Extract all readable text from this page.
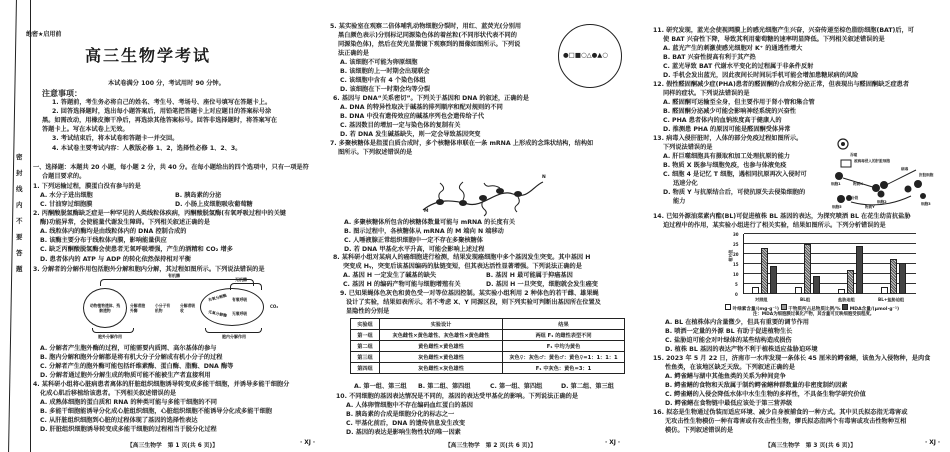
密
封
线
内
不
要
答
题
绝密★启用前
高三生物学考试
本试卷满分 100 分，考试用时 90 分钟。
注意事项：
1. 答题前，考生务必将自己的姓名、考生号、考场号、座位号填写在答题卡上。
2. 回答选择题时，选出每小题答案后，用铅笔把答题卡上对应题目的答案标号涂
黑。如需改动，用橡皮擦干净后，再选涂其他答案标号。回答非选择题时，将答案写在
答题卡上。写在本试卷上无效。
3. 考试结束后，将本试卷和答题卡一并交回。
4. 本试卷主要考试内容：人教版必修 1、2，选择性必修 1、2、3。
一、选择题：本题共 20 小题，每小题 2 分，共 40 分。在每小题给出的四个选项中，只有一项是符
合题目要求的。
1. 下列运输过程，膜蛋白没有参与的是
A. 水分子进出细胞	B. 胰岛素的分泌
C. 甘油穿过细胞膜	D. 小肠上皮细胞吸收葡萄糖
2. 丙酮酸脱氢酶缺乏症是一种罕见的人类线粒体疾病，丙酮酸脱氢酶(有氧呼吸过程中的关键
酶)功能异常，会使能量代谢发生障碍。下列相关叙述正确的是
A. 线粒体内的酶均是由线粒体内的 DNA 控制合成的
B. 该酶主要分布于线粒体内膜，影响能量供应
C. 缺乏丙酮酸脱氢酶会使患者无氧呼吸增强，产生的酒精和 CO₂ 增多
D. 患者体内的 ATP 与 ADP 的转化依然保持相对平衡
3. 分解者的分解作用包括胞外分解和胞内分解，其过程如图所示。下列说法错误的是
有机酶
无机酶
动物植物遗体、残骸遗物
分解者胞外酶
小分子有机物
分解者吸收
有氧分解酶
无氧分解酶
有氧呼吸
无氧呼吸
CO₂
胞外分解作用	胞内分解作用
A. 分解者产生胞外酶的过程，可能需要内质网、高尔基体的参与
B. 胞内分解和胞外分解都是将有机大分子分解成有机小分子的过程
C. 分解者产生的胞外酶可能包括纤维素酶、蛋白酶、脂酶、DNA 酶等
D. 分解者通过胞外分解生成的物质可能不能被生产者直接利用
4. 某科研小组将心脏病患者离体的肝脏组织细胞诱导转变成多能干细胞，并诱导多能干细胞分
化成心肌后移植给该患者。下列相关叙述错误的是
A. 成熟体细胞的蛋白质和 RNA 的种类可能与多能干细胞的不同
B. 多能干细胞能诱导分化成心脏组织细胞，心脏组织细胞不能诱导分化成多能干细胞
C. 从肝脏组织细胞到心脏的过程体现了基因的选择性表达
D. 肝脏组织细胞诱导转变成多能干细胞的过程相当于脱分化过程
【高三生物学　第 1 页(共 6 页)】	· XJ ·
5. 某实验室在观察二倍体哺乳动物细胞分裂时，用红、蓝荧光(分别用
黑白颜色表示)分别标记同源染色体的着丝粒(不同形状代表不同的
同源染色体)，然后在荧光显微镜下观察到的图像如图所示。下列说
法正确的是	●□■○△●▲○
A. 该细胞不可能为卵原细胞
B. 该细胞的上一时期会出现联会
C. 该细胞中含有 4 个染色体组
D. 该细胞在下一时期会均等分裂
6. 基因与 DNA“关系密切”。下列关于基因和 DNA 的叙述，正确的是
A. DNA 的特异性取决于碱基的排列顺序和配对规则的不同
B. DNA 中没有遗传效应的碱基序列也会遗传给子代
C. 基因数目的增加一定与染色体的复制有关
D. 若 DNA 发生碱基缺失，则一定会导致基因突变
7. 多聚核糖体是指蛋白质合成时，多个核糖体串联在一条 mRNA 上形成的念珠状结构，结构如
图所示。下列叙述错误的是
M
N
A. 多聚核糖体所包含的核糖体数量可能与 mRNA 的长度有关
B. 图示过程中，各核糖体从 mRNA 的 M 端向 N 端移动
C. 人唾液腺正常组织细胞中一定不存在多聚核糖体
D. 若 DNA 甲基化水平升高，可能会影响上述过程
8. 某科研小组对某病人的癌细胞进行检测，结果发现癌细胞中多个基因发生突变。其中基因 H
突变成 Hᵧ，突变后该基因编码的肽链变短，但其表达活性显著增强。下列说法正确的是
A. 基因 H 一定发生了碱基的缺失	B. 基因 H 最可能属于抑癌基因
C. 基因 H 的编码产物可能与细胞增殖有关	D. 基因 H 一旦突变，细胞就会发生癌变
9. 已知果蝇体色灰色和黄色受一对等位基因控制。某实验小组利用 2 种体色的若干雌、雄果蝇
设计了实验，结果如表所示。若不考虑 X、Y 同源区段，则下列实验可判断出基因所在位置及
显隐性的分别是
实验组	实验设计	结果
第一组	灰色雌性×黄色雄性、灰色雄性×黄色雌性	两组 F₁ 的雌性表型不同
第二组	黄色雌性×黄色雄性	F₁ 中均为黄色
第三组	灰色雌性×黄色雄性	灰色♀：灰色♂：黄色♂：黄色♀=1：1：1：1
第四组	灰色雌性×灰色雄性	F₁ 中灰色：黄色=3：1
A. 第一组、第三组 B. 第二组、第四组	C. 第一组、第四组	D. 第二组、第三组
10. 不同细胞的基因表达情况是不同的，基因的表达受甲基化的影响。下列说法正确的是
A. 人体卵管细胞中不存在编码血红蛋白的基因
B. 胰岛素的合成是细胞分化的标志之一
C. 甲基化前后，DNA 的遗传信息发生改变
D. 基因的表达是影响生物性状的唯一因素
【高三生物学　第 2 页(共 6 页)】	· XJ ·
11. 研究发现，蓝光会使视网膜上的感光细胞产生兴奋，兴奋传递至棕色脂肪细胞(BAT)后，可
使 BAT 兴奋性下降，导致其利用葡萄糖的速率明显降低。下列相关叙述错误的是
A. 蓝光产生的刺激使感光细胞对 K⁺ 的通透性增大
B. BAT 兴奋性提高有利于其产热
C. 蓝光导致 BAT 代谢水平变化的过程属于非条件反射
D. 手机会发出蓝光，因此夜间长时间玩手机可能会增加患糖尿病的风险
12. 假性醛固酮减少症(PHA)患者的醛固酮的合成和分泌正常，但表现出与醛固酮缺乏症患者
同样的症状。下列说法错误的是
A. 醛固酮可运输至全身，但主要作用于肾小管和集合管
B. 醛固酮分泌减少可能会影响神经系统的兴奋性
C. PHA 患者体内的血钠浓度高于健康人的
D. 推测患 PHA 的原因可能是醛固酮受体异常
13. 病毒入侵肝脏时，人体的部分免疫过程如图所示。
下列说法错误的是
A. 肝巨噬细胞具有摄取和加工处理抗原的能力
B. 物质 X 既参与细胞免疫，也参与体液免疫
C. 细胞 4 是记忆 T 细胞，遇相同抗原再次入侵时可
迅速分化
D. 物质 Y 与抗原结合后，可使抗原失去侵染细胞的
能力
吞噬
被病毒侵入的肝脏细胞
细胞1	物质X
细胞2
病毒
肝脏细胞
细胞5
分裂
物质Y
细胞3
14. 已知外源油菜素内酯(BL)可促进植株 BL 基因的表达，为探究喷洒 BL 在花生幼苗抗盐胁
迫过程中的作用，某实验小组进行了相关实验，结果如图所示。下列分析错误的是
相对值
0
5
10
15
20
25
30
对照组	BL组	盐胁迫组	BL+盐胁迫组
叶绿素含量/(mg·g⁻¹) 干物质所占总物质比例/% MDA含量/(μmol·g⁻¹)
注：MDA为细胞膜过氧化产物，其含量可反映细胞受损程度。
A. BL 在植株体内含量微少，但具有重要的调节作用
B. 喷洒一定量的外源 BL 有助于促进植物生长
C. 盐胁迫可能会对叶绿体的某些结构造成损伤
D. 植株 BL 基因的表达产物不利于植株适应盐胁迫环境
15. 2023 年 5 月 22 日，济南市一水库发现一条体长 45 厘米的鳄雀鳝，该鱼为入侵物种，是肉食
性鱼类，在该地区缺乏天敌。下列叙述正确的是
A. 鳄雀鳝与湖中其他鱼类的关系为种间竞争
B. 鳄雀鳝的食物和天敌属于制约鳄雀鳝种群数量的非密度制约因素
C. 鳄雀鳝的入侵会降低水体中水生生物的多样性，不具备生物学研究价值
D. 鳄雀鳝在食物链中最低应该处于第三营养级
16. 拟态是生物通过伪装而适应环境、减少自身被捕食的一种方式。其中贝氏拟态指无毒害或
无攻击性生物模仿一种有毒害或有攻击性生物，缪氏拟态指两个有毒害或攻击性物种互相
模仿。下列叙述错误的是
【高三生物学　第 3 页(共 6 页)】	· XJ ·
